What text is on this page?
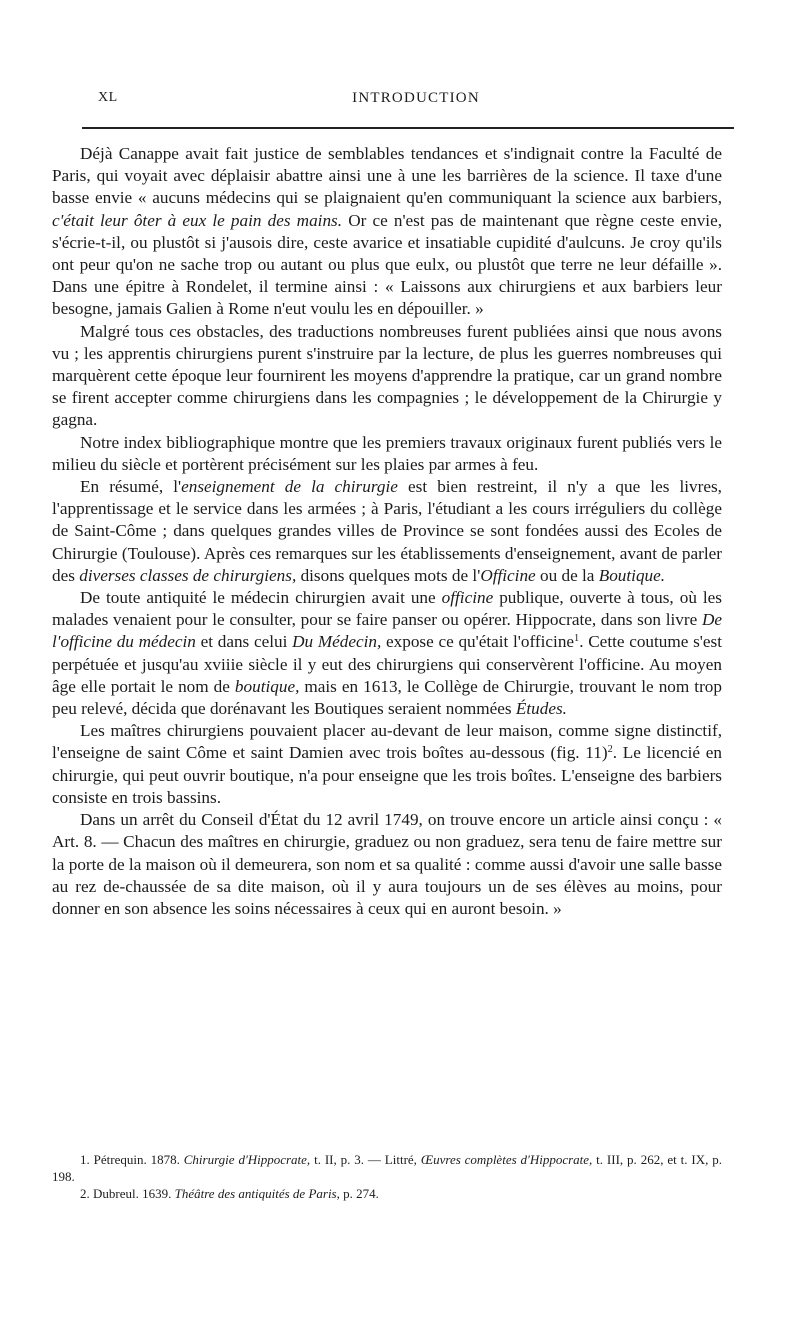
XL	INTRODUCTION

Déjà Canappe avait fait justice de semblables tendances et s'indignait contre la Faculté de Paris, qui voyait avec déplaisir abattre ainsi une à une les barrières de la science. Il taxe d'une basse envie « aucuns médecins qui se plaignaient qu'en communiquant la science aux barbiers, c'était leur ôter à eux le pain des mains. Or ce n'est pas de maintenant que règne ceste envie, s'écrie-t-il, ou plustôt si j'ausois dire, ceste avarice et insatiable cupidité d'aulcuns. Je croy qu'ils ont peur qu'on ne sache trop ou autant ou plus que eulx, ou plustôt que terre ne leur défaille ». Dans une épitre à Rondelet, il termine ainsi : « Laissons aux chirurgiens et aux barbiers leur besogne, jamais Galien à Rome n'eut voulu les en dépouiller. »

Malgré tous ces obstacles, des traductions nombreuses furent publiées ainsi que nous avons vu ; les apprentis chirurgiens purent s'instruire par la lecture, de plus les guerres nombreuses qui marquèrent cette époque leur fournirent les moyens d'apprendre la pratique, car un grand nombre se firent accepter comme chirurgiens dans les compagnies ; le développement de la Chirurgie y gagna.

Notre index bibliographique montre que les premiers travaux originaux furent publiés vers le milieu du siècle et portèrent précisément sur les plaies par armes à feu.

En résumé, l'enseignement de la chirurgie est bien restreint, il n'y a que les livres, l'apprentissage et le service dans les armées ; à Paris, l'étudiant a les cours irréguliers du collège de Saint-Côme ; dans quelques grandes villes de Province se sont fondées aussi des Ecoles de Chirurgie (Toulouse). Après ces remarques sur les établissements d'enseignement, avant de parler des diverses classes de chirurgiens, disons quelques mots de l'Officine ou de la Boutique.

De toute antiquité le médecin chirurgien avait une officine publique, ouverte à tous, où les malades venaient pour le consulter, pour se faire panser ou opérer. Hippocrate, dans son livre De l'officine du médecin et dans celui Du Médecin, expose ce qu'était l'officine$^1$. Cette coutume s'est perpétuée et jusqu'au xviiie siècle il y eut des chirurgiens qui conservèrent l'officine. Au moyen âge elle portait le nom de boutique, mais en 1613, le Collège de Chirurgie, trouvant le nom trop peu relevé, décida que dorénavant les Boutiques seraient nommées Études.

Les maîtres chirurgiens pouvaient placer au-devant de leur maison, comme signe distinctif, l'enseigne de saint Côme et saint Damien avec trois boîtes au-dessous (fig. 11)$^2$. Le licencié en chirurgie, qui peut ouvrir boutique, n'a pour enseigne que les trois boîtes. L'enseigne des barbiers consiste en trois bassins.

Dans un arrêt du Conseil d'État du 12 avril 1749, on trouve encore un article ainsi conçu : « Art. 8. — Chacun des maîtres en chirurgie, graduez ou non graduez, sera tenu de faire mettre sur la porte de la maison où il demeurera, son nom et sa qualité : comme aussi d'avoir une salle basse au rez de-chaussée de sa dite maison, où il y aura toujours un de ses élèves au moins, pour donner en son absence les soins nécessaires à ceux qui en auront besoin. »

1. Pétrequin. 1878. Chirurgie d'Hippocrate, t. II, p. 3. — Littré, Œuvres complètes d'Hippocrate, t. III, p. 262, et t. IX, p. 198.

2. Dubreul. 1639. Théâtre des antiquités de Paris, p. 274.
